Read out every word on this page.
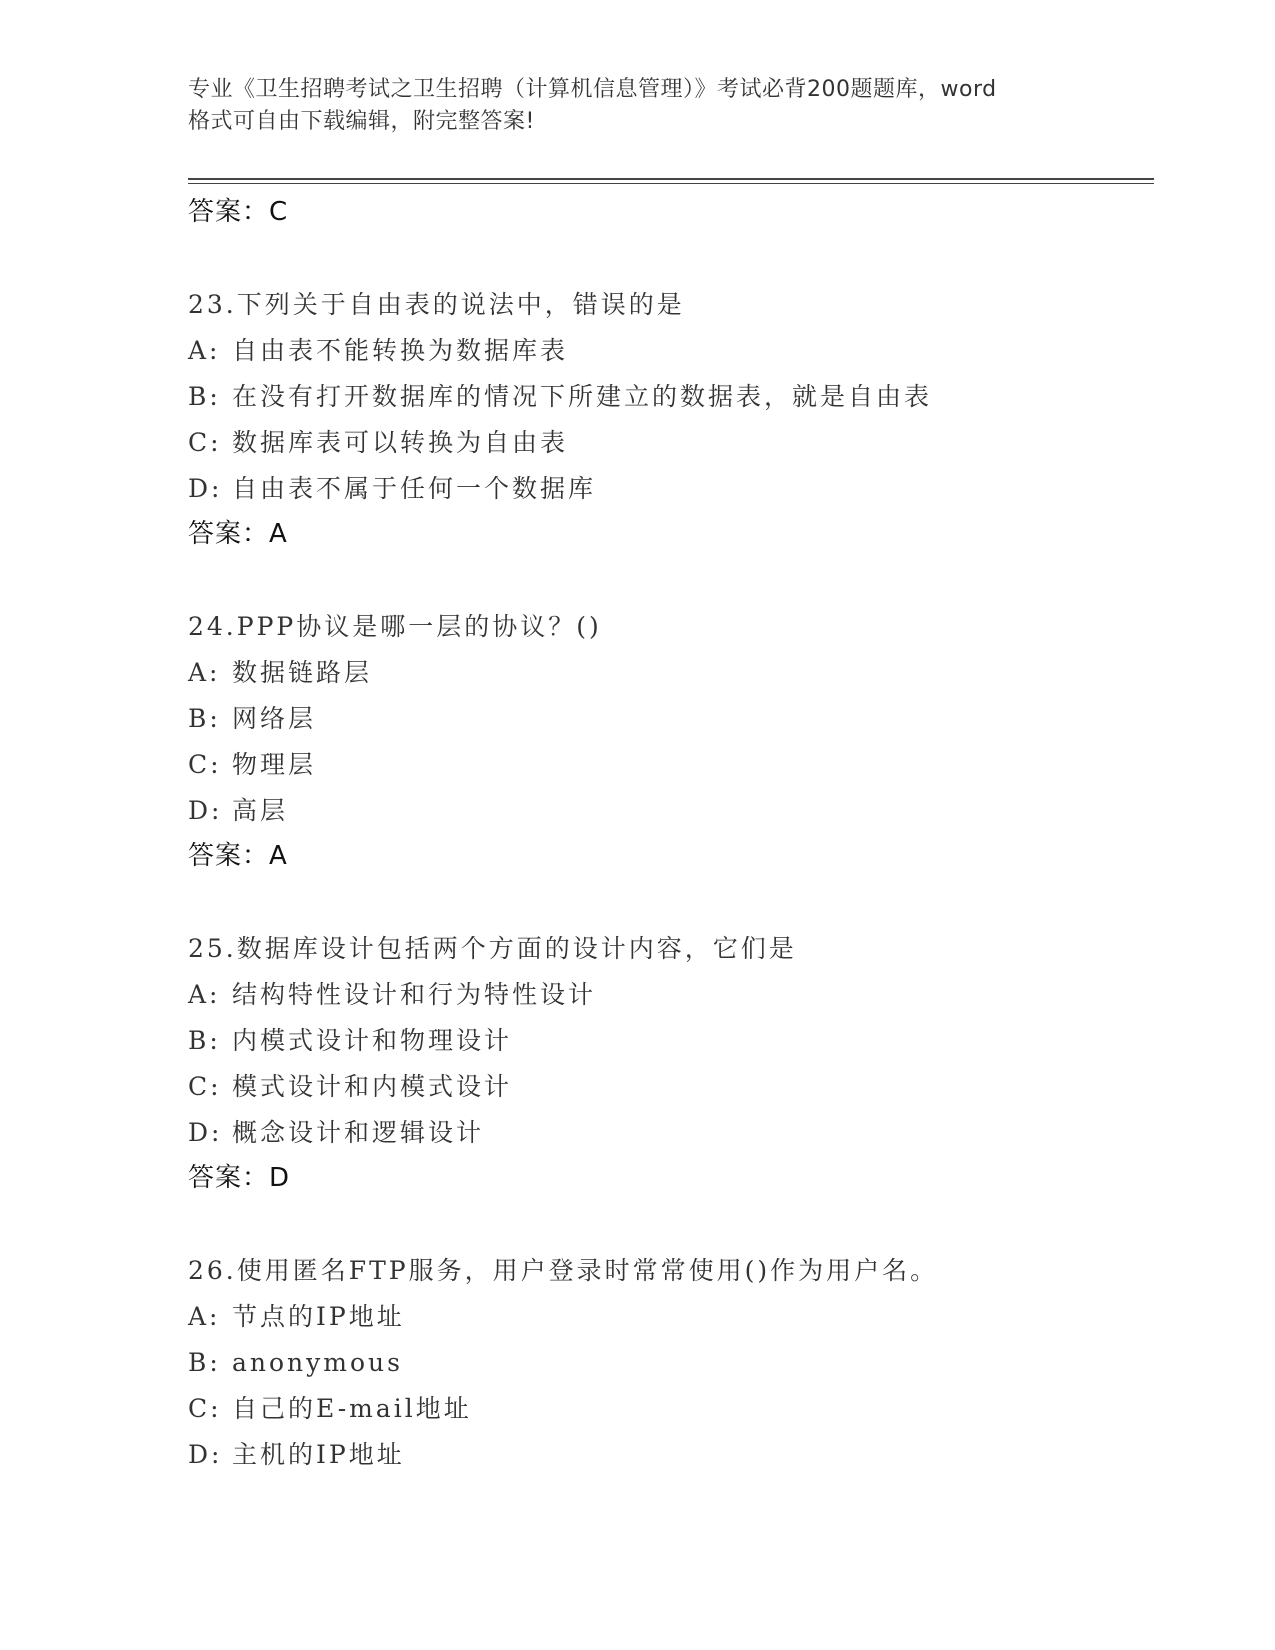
专业《卫生招聘考试之卫生招聘（计算机信息管理）》考试必背200题题库，word
格式可自由下载编辑，附完整答案!
答案：C
23.下列关于自由表的说法中，错误的是
A: 自由表不能转换为数据库表
B: 在没有打开数据库的情况下所建立的数据表，就是自由表
C: 数据库表可以转换为自由表
D: 自由表不属于任何一个数据库
答案：A
24.PPP协议是哪一层的协议？()
A: 数据链路层
B: 网络层
C: 物理层
D: 高层
答案：A
25.数据库设计包括两个方面的设计内容，它们是
A: 结构特性设计和行为特性设计
B: 内模式设计和物理设计
C: 模式设计和内模式设计
D: 概念设计和逻辑设计
答案：D
26.使用匿名FTP服务，用户登录时常常使用()作为用户名。
A: 节点的IP地址
B: anonymous
C: 自己的E-mail地址
D: 主机的IP地址
